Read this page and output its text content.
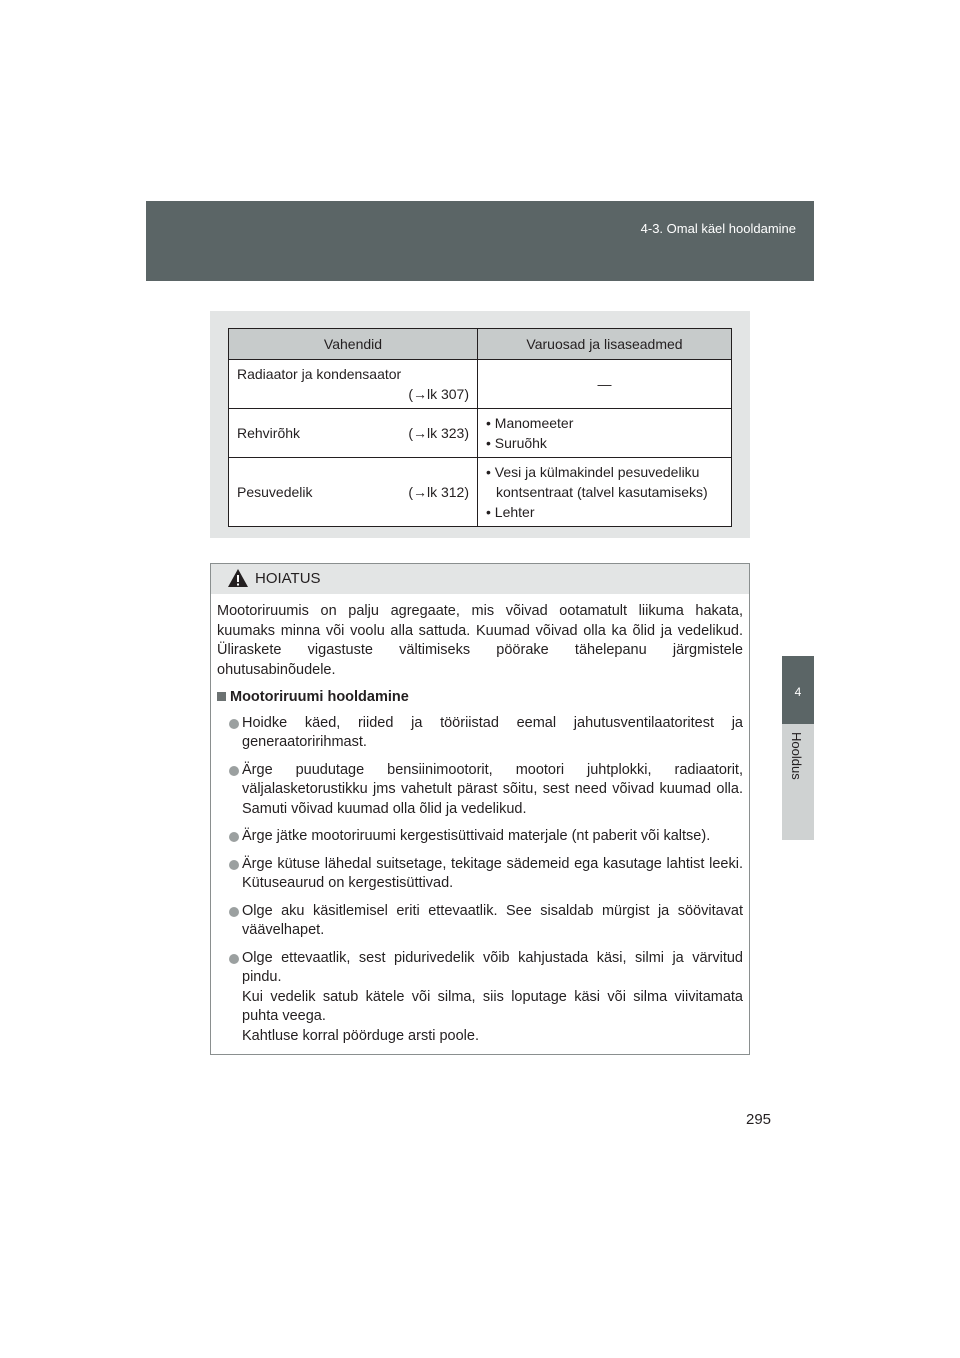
4-3. Omal käel hooldamine
4
Hooldus
Vahendid	Varuosad ja lisaseadmed

Radiaator ja kondensaator
(→lk 307)	—

Rehvirõhk (→lk 323)	• Manomeeter
• Suruõhk

Pesuvedelik (→lk 312)	• Vesi ja külmakindel pesuvedeliku kontsentraat (talvel kasutamiseks)
• Lehter
HOIATUS

Mootoriruumis on palju agregaate, mis võivad ootamatult liikuma hakata, kuumaks minna või voolu alla sattuda. Kuumad võivad olla ka õlid ja vedelikud. Üliraskete vigastuste vältimiseks pöörake tähelepanu järgmistele ohutusabinõudele.

Mootoriruumi hooldamine
Hoidke käed, riided ja tööriistad eemal jahutusventilaatoritest ja generaatoririhmast.
Ärge puudutage bensiinimootorit, mootori juhtplokki, radiaatorit, väljalasketorustikku jms vahetult pärast sõitu, sest need võivad kuumad olla. Samuti võivad kuumad olla õlid ja vedelikud.
Ärge jätke mootoriruumi kergestisüttivaid materjale (nt paberit või kaltse).
Ärge kütuse lähedal suitsetage, tekitage sädemeid ega kasutage lahtist leeki. Kütuseaurud on kergestisüttivad.
Olge aku käsitlemisel eriti ettevaatlik. See sisaldab mürgist ja söövitavat väävelhapet.
Olge ettevaatlik, sest pidurivedelik võib kahjustada käsi, silmi ja värvitud pindu.
Kui vedelik satub kätele või silma, siis loputage käsi või silma viivitamata puhta veega.
Kahtluse korral pöörduge arsti poole.
295
